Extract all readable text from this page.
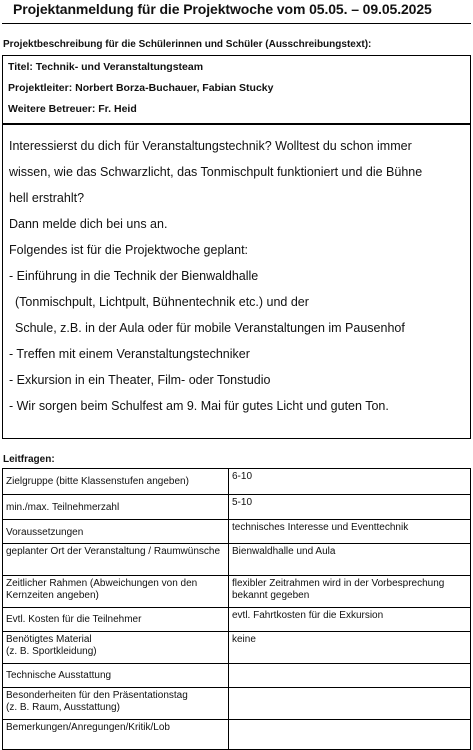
Projektanmeldung für die Projektwoche vom 05.05. – 09.05.2025
Projektbeschreibung für die Schülerinnen und Schüler (Ausschreibungstext):
Titel: Technik- und Veranstaltungsteam
Projektleiter: Norbert Borza-Buchauer, Fabian Stucky
Weitere Betreuer: Fr. Heid
Interessierst du dich für Veranstaltungstechnik? Wolltest du schon immer
wissen, wie das Schwarzlicht, das Tonmischpult funktioniert und die Bühne
hell erstrahlt?
Dann melde dich bei uns an.
Folgendes ist für die Projektwoche geplant:
- Einführung in die Technik der Bienwaldhalle
(Tonmischpult, Lichtpult, Bühnentechnik etc.) und der
Schule, z.B. in der Aula oder für mobile Veranstaltungen im Pausenhof
- Treffen mit einem Veranstaltungstechniker
- Exkursion in ein Theater, Film- oder Tonstudio
- Wir sorgen beim Schulfest am 9. Mai für gutes Licht und guten Ton.
Leitfragen:
Zielgruppe (bitte Klassenstufen angeben)	6-10
min./max. Teilnehmerzahl	5-10
Voraussetzungen	technisches Interesse und Eventtechnik
geplanter Ort der Veranstaltung / Raumwünsche	Bienwaldhalle und Aula
Zeitlicher Rahmen (Abweichungen von den Kernzeiten angeben)	flexibler Zeitrahmen wird in der Vorbesprechung bekannt gegeben
Evtl. Kosten für die Teilnehmer	evtl. Fahrtkosten für die Exkursion
Benötigtes Material
(z. B. Sportkleidung)	keine
Technische Ausstattung	
Besonderheiten für den Präsentationstag
(z. B. Raum, Ausstattung)	
Bemerkungen/Anregungen/Kritik/Lob	
